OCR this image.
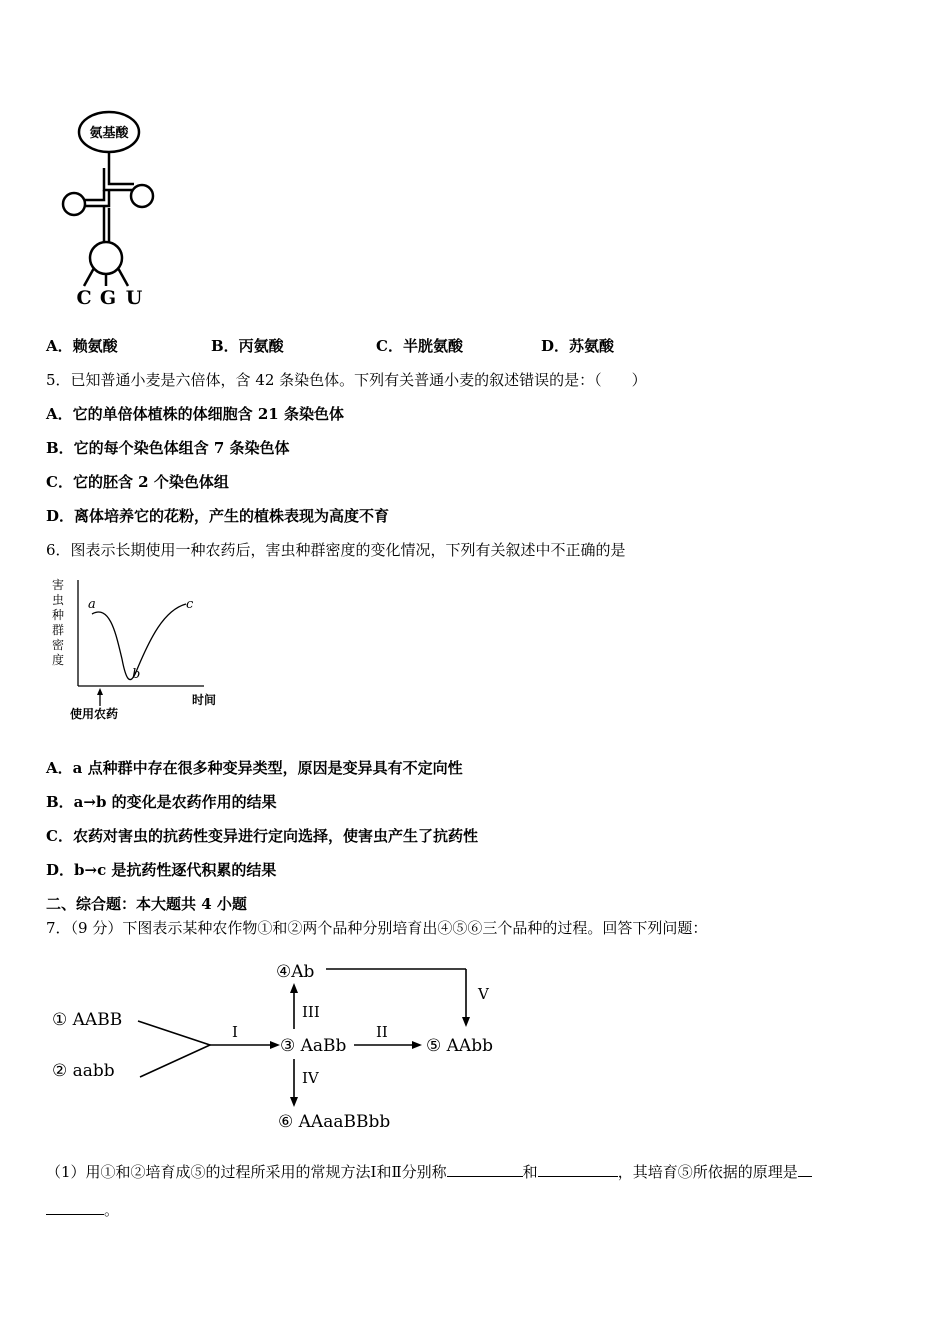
氨基酸
C G U
A．赖氨酸	B．丙氨酸	C．半胱氨酸	D．苏氨酸
5．已知普通小麦是六倍体，含 42 条染色体。下列有关普通小麦的叙述错误的是：（　　）
A．它的单倍体植株的体细胞含 21 条染色体
B．它的每个染色体组含 7 条染色体
C．它的胚含 2 个染色体组
D．离体培养它的花粉，产生的植株表现为高度不育
6．图表示长期使用一种农药后，害虫种群密度的变化情况，下列有关叙述中不正确的是
害
虫
种
群
密
度
a
b
c
使用农药
时间
A．a 点种群中存在很多种变异类型，原因是变异具有不定向性
B．a→b 的变化是农药作用的结果
C．农药对害虫的抗药性变异进行定向选择，使害虫产生了抗药性
D．b→c 是抗药性逐代积累的结果
二、综合题：本大题共 4 小题
7．（9 分）下图表示某种农作物①和②两个品种分别培育出④⑤⑥三个品种的过程。回答下列问题：
① AABB
② aabb
I
③ AaBb
II
⑤ AAbb
III
④Ab
V
IV
⑥ AAaaBBbb
（1）用①和②培育成⑤的过程所采用的常规方法Ⅰ和Ⅱ分别称	和	，其培育⑤所依据的原理是
。
